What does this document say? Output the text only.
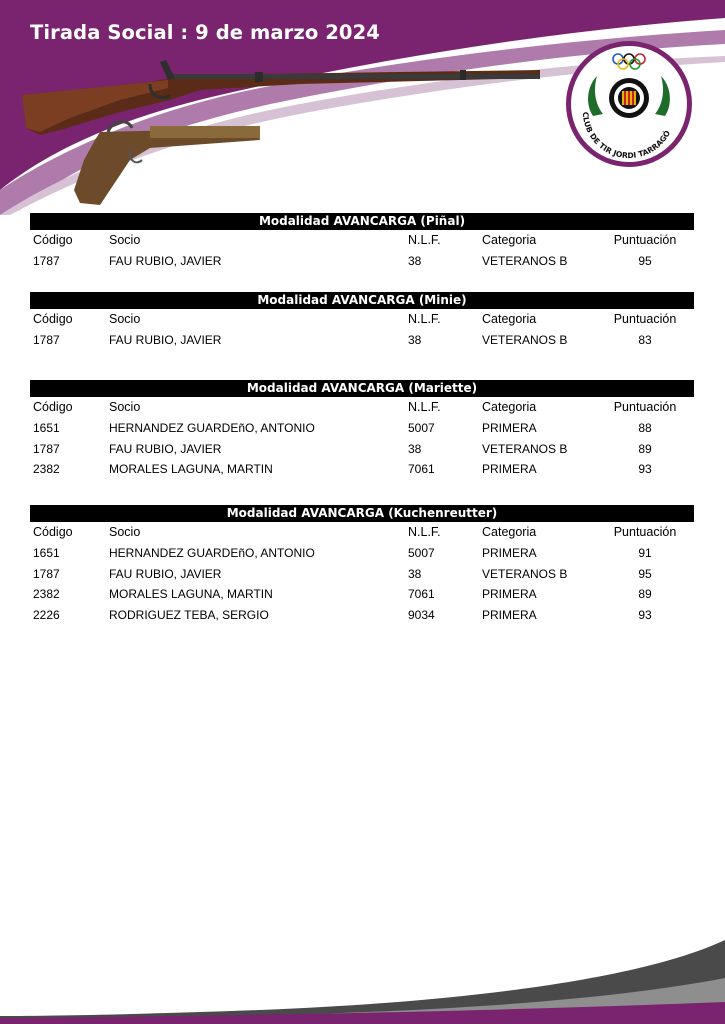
Tirada Social : 9 de marzo 2024
CLUB DE TIR JORDI TARRAGÓ
Modalidad AVANCARGA (Piñal)
Código	Socio	N.L.F.	Categoria	Puntuación
1787	FAU RUBIO, JAVIER	38	VETERANOS B	95
Modalidad AVANCARGA (Minie)
Código	Socio	N.L.F.	Categoria	Puntuación
1787	FAU RUBIO, JAVIER	38	VETERANOS B	83
Modalidad AVANCARGA (Mariette)
Código	Socio	N.L.F.	Categoria	Puntuación
1651	HERNANDEZ GUARDEñO, ANTONIO	5007	PRIMERA	88
1787	FAU RUBIO, JAVIER	38	VETERANOS B	89
2382	MORALES LAGUNA, MARTIN	7061	PRIMERA	93
Modalidad AVANCARGA (Kuchenreutter)
Código	Socio	N.L.F.	Categoria	Puntuación
1651	HERNANDEZ GUARDEñO, ANTONIO	5007	PRIMERA	91
1787	FAU RUBIO, JAVIER	38	VETERANOS B	95
2382	MORALES LAGUNA, MARTIN	7061	PRIMERA	89
2226	RODRIGUEZ TEBA, SERGIO	9034	PRIMERA	93
